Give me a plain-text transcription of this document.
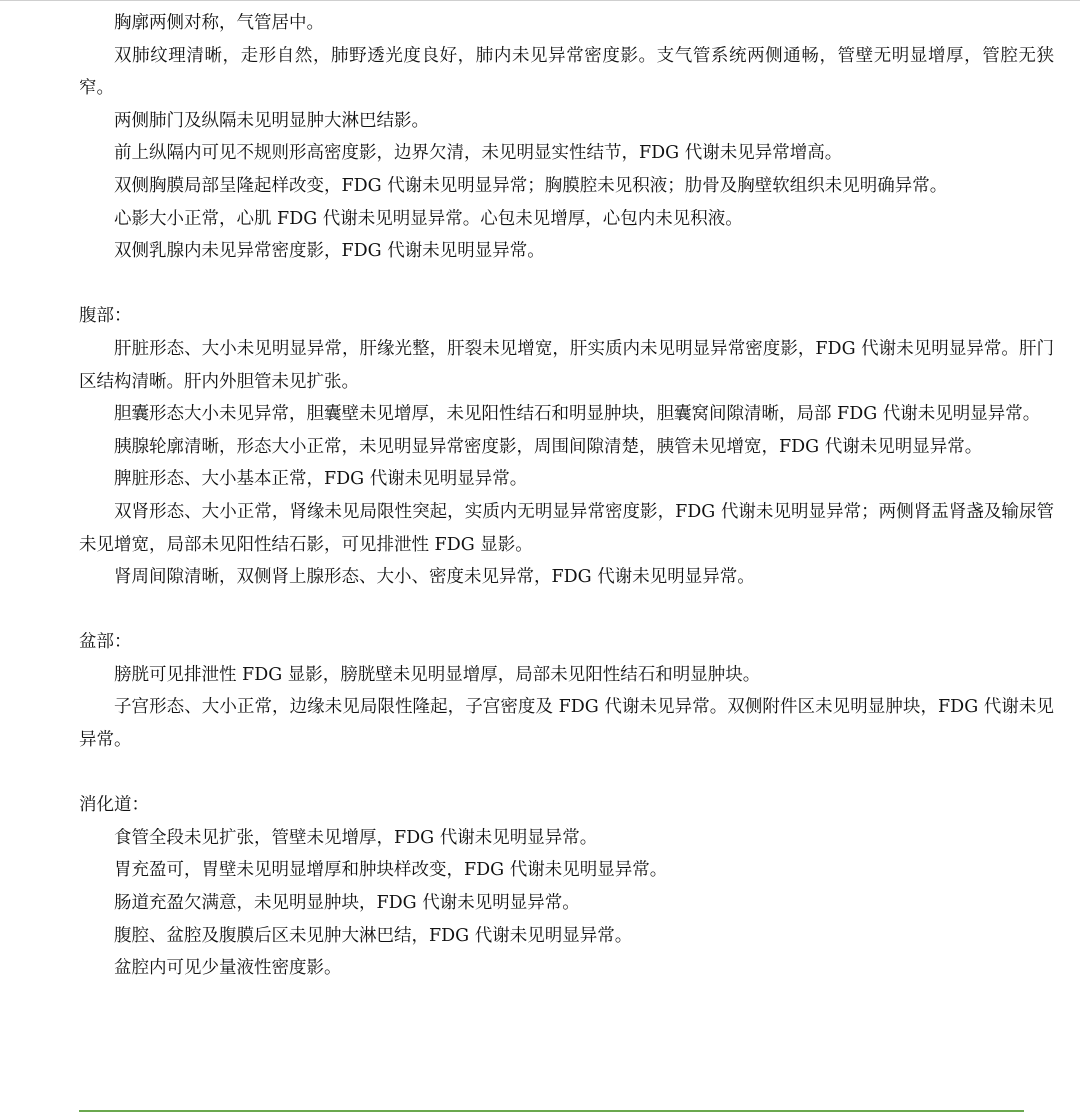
胸廓两侧对称，气管居中。

双肺纹理清晰，走形自然，肺野透光度良好，肺内未见异常密度影。支气管系统两侧通畅，管壁无明显增厚，管腔无狭窄。

两侧肺门及纵隔未见明显肿大淋巴结影。

前上纵隔内可见不规则形高密度影，边界欠清，未见明显实性结节，FDG 代谢未见异常增高。

双侧胸膜局部呈隆起样改变，FDG 代谢未见明显异常；胸膜腔未见积液；肋骨及胸壁软组织未见明确异常。

心影大小正常，心肌 FDG 代谢未见明显异常。心包未见增厚，心包内未见积液。

双侧乳腺内未见异常密度影，FDG 代谢未见明显异常。

腹部：

肝脏形态、大小未见明显异常，肝缘光整，肝裂未见增宽，肝实质内未见明显异常密度影，FDG 代谢未见明显异常。肝门区结构清晰。肝内外胆管未见扩张。

胆囊形态大小未见异常，胆囊壁未见增厚，未见阳性结石和明显肿块，胆囊窝间隙清晰，局部 FDG 代谢未见明显异常。

胰腺轮廓清晰，形态大小正常，未见明显异常密度影，周围间隙清楚，胰管未见增宽，FDG 代谢未见明显异常。

脾脏形态、大小基本正常，FDG 代谢未见明显异常。

双肾形态、大小正常，肾缘未见局限性突起，实质内无明显异常密度影，FDG 代谢未见明显异常；两侧肾盂肾盏及输尿管未见增宽，局部未见阳性结石影，可见排泄性 FDG 显影。

肾周间隙清晰，双侧肾上腺形态、大小、密度未见异常，FDG 代谢未见明显异常。

盆部：

膀胱可见排泄性 FDG 显影，膀胱壁未见明显增厚，局部未见阳性结石和明显肿块。

子宫形态、大小正常，边缘未见局限性隆起，子宫密度及 FDG 代谢未见异常。双侧附件区未见明显肿块，FDG 代谢未见异常。

消化道：

食管全段未见扩张，管壁未见增厚，FDG 代谢未见明显异常。

胃充盈可，胃壁未见明显增厚和肿块样改变，FDG 代谢未见明显异常。

肠道充盈欠满意，未见明显肿块，FDG 代谢未见明显异常。

腹腔、盆腔及腹膜后区未见肿大淋巴结，FDG 代谢未见明显异常。

盆腔内可见少量液性密度影。
